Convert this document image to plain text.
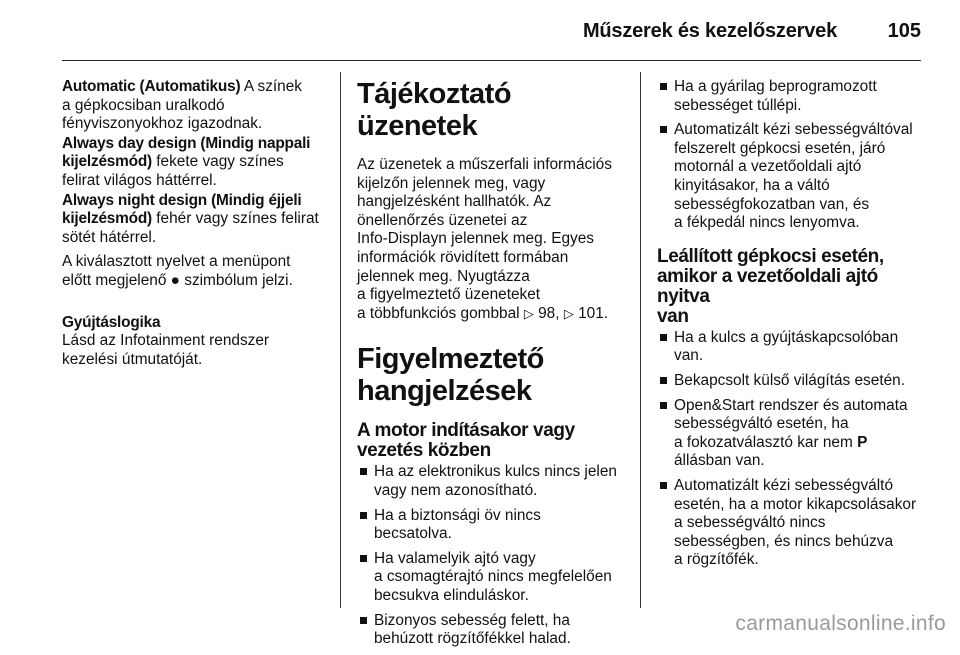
Műszerek és kezelőszervek	105

Automatic (Automatikus) A színek
a gépkocsiban uralkodó
fényviszonyokhoz igazodnak.

Always day design (Mindig nappali
kijelzésmód) fekete vagy színes
felirat világos háttérrel.

Always night design (Mindig éjjeli
kijelzésmód) fehér vagy színes felirat
sötét hátérrel.

A kiválasztott nyelvet a menüpont
előtt megjelenő ● szimbólum jelzi.

Gyújtáslogika
Lásd az Infotainment rendszer
kezelési útmutatóját.

Tájékoztató üzenetek

Az üzenetek a műszerfali információs
kijelzőn jelennek meg, vagy
hangjelzésként hallhatók. Az
önellenőrzés üzenetei az
Info-Displayn jelennek meg. Egyes
információk rövidített formában
jelennek meg. Nyugtázza
a figyelmeztető üzeneteket
a többfunkciós gombbal ▷ 98, ▷ 101.

Figyelmeztető
hangjelzések
A motor indításakor vagy
vezetés közben
Ha az elektronikus kulcs nincs jelen
vagy nem azonosítható.
Ha a biztonsági öv nincs
becsatolva.
Ha valamelyik ajtó vagy
a csomagtérajtó nincs megfelelően
becsukva elinduláskor.
Bizonyos sebesség felett, ha
behúzott rögzítőfékkel halad.
Ha a gyárilag beprogramozott
sebességet túllépi.
Automatizált kézi sebességváltóval
felszerelt gépkocsi esetén, járó
motornál a vezetőoldali ajtó
kinyitásakor, ha a váltó
sebességfokozatban van, és
a fékpedál nincs lenyomva.
Leállított gépkocsi esetén,
amikor a vezetőoldali ajtó nyitva
van
Ha a kulcs a gyújtáskapcsolóban
van.
Bekapcsolt külső világítás esetén.
Open&Start rendszer és automata
sebességváltó esetén, ha
a fokozatválasztó kar nem P
állásban van.
Automatizált kézi sebességváltó
esetén, ha a motor kikapcsolásakor
a sebességváltó nincs
sebességben, és nincs behúzva
a rögzítőfék.
carmanualsonline.info
